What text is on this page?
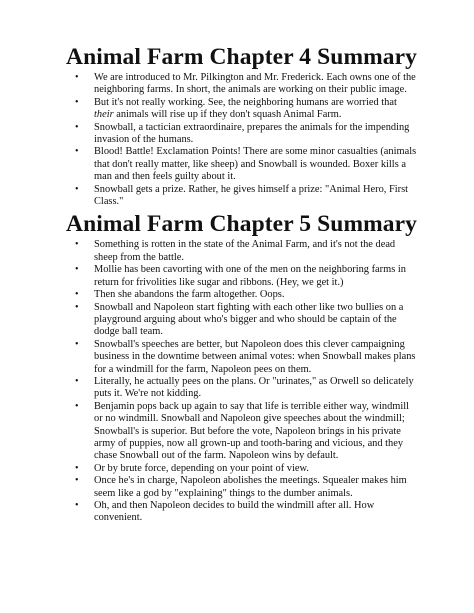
Animal Farm Chapter 4 Summary
• We are introduced to Mr. Pilkington and Mr. Frederick. Each owns one of the neighboring farms. In short, the animals are working on their public image.
• But it's not really working. See, the neighboring humans are worried that their animals will rise up if they don't squash Animal Farm.
• Snowball, a tactician extraordinaire, prepares the animals for the impending invasion of the humans.
• Blood! Battle! Exclamation Points! There are some minor casualties (animals that don't really matter, like sheep) and Snowball is wounded. Boxer kills a man and then feels guilty about it.
• Snowball gets a prize. Rather, he gives himself a prize: "Animal Hero, First Class."
Animal Farm Chapter 5 Summary
• Something is rotten in the state of the Animal Farm, and it's not the dead sheep from the battle.
• Mollie has been cavorting with one of the men on the neighboring farms in return for frivolities like sugar and ribbons. (Hey, we get it.)
• Then she abandons the farm altogether. Oops.
• Snowball and Napoleon start fighting with each other like two bullies on a playground arguing about who's bigger and who should be captain of the dodge ball team.
• Snowball's speeches are better, but Napoleon does this clever campaigning business in the downtime between animal votes: when Snowball makes plans for a windmill for the farm, Napoleon pees on them.
• Literally, he actually pees on the plans. Or "urinates," as Orwell so delicately puts it. We're not kidding.
• Benjamin pops back up again to say that life is terrible either way, windmill or no windmill. Snowball and Napoleon give speeches about the windmill; Snowball's is superior. But before the vote, Napoleon brings in his private army of puppies, now all grown-up and tooth-baring and vicious, and they chase Snowball out of the farm. Napoleon wins by default.
• Or by brute force, depending on your point of view.
• Once he's in charge, Napoleon abolishes the meetings. Squealer makes him seem like a god by "explaining" things to the dumber animals.
• Oh, and then Napoleon decides to build the windmill after all. How convenient.
